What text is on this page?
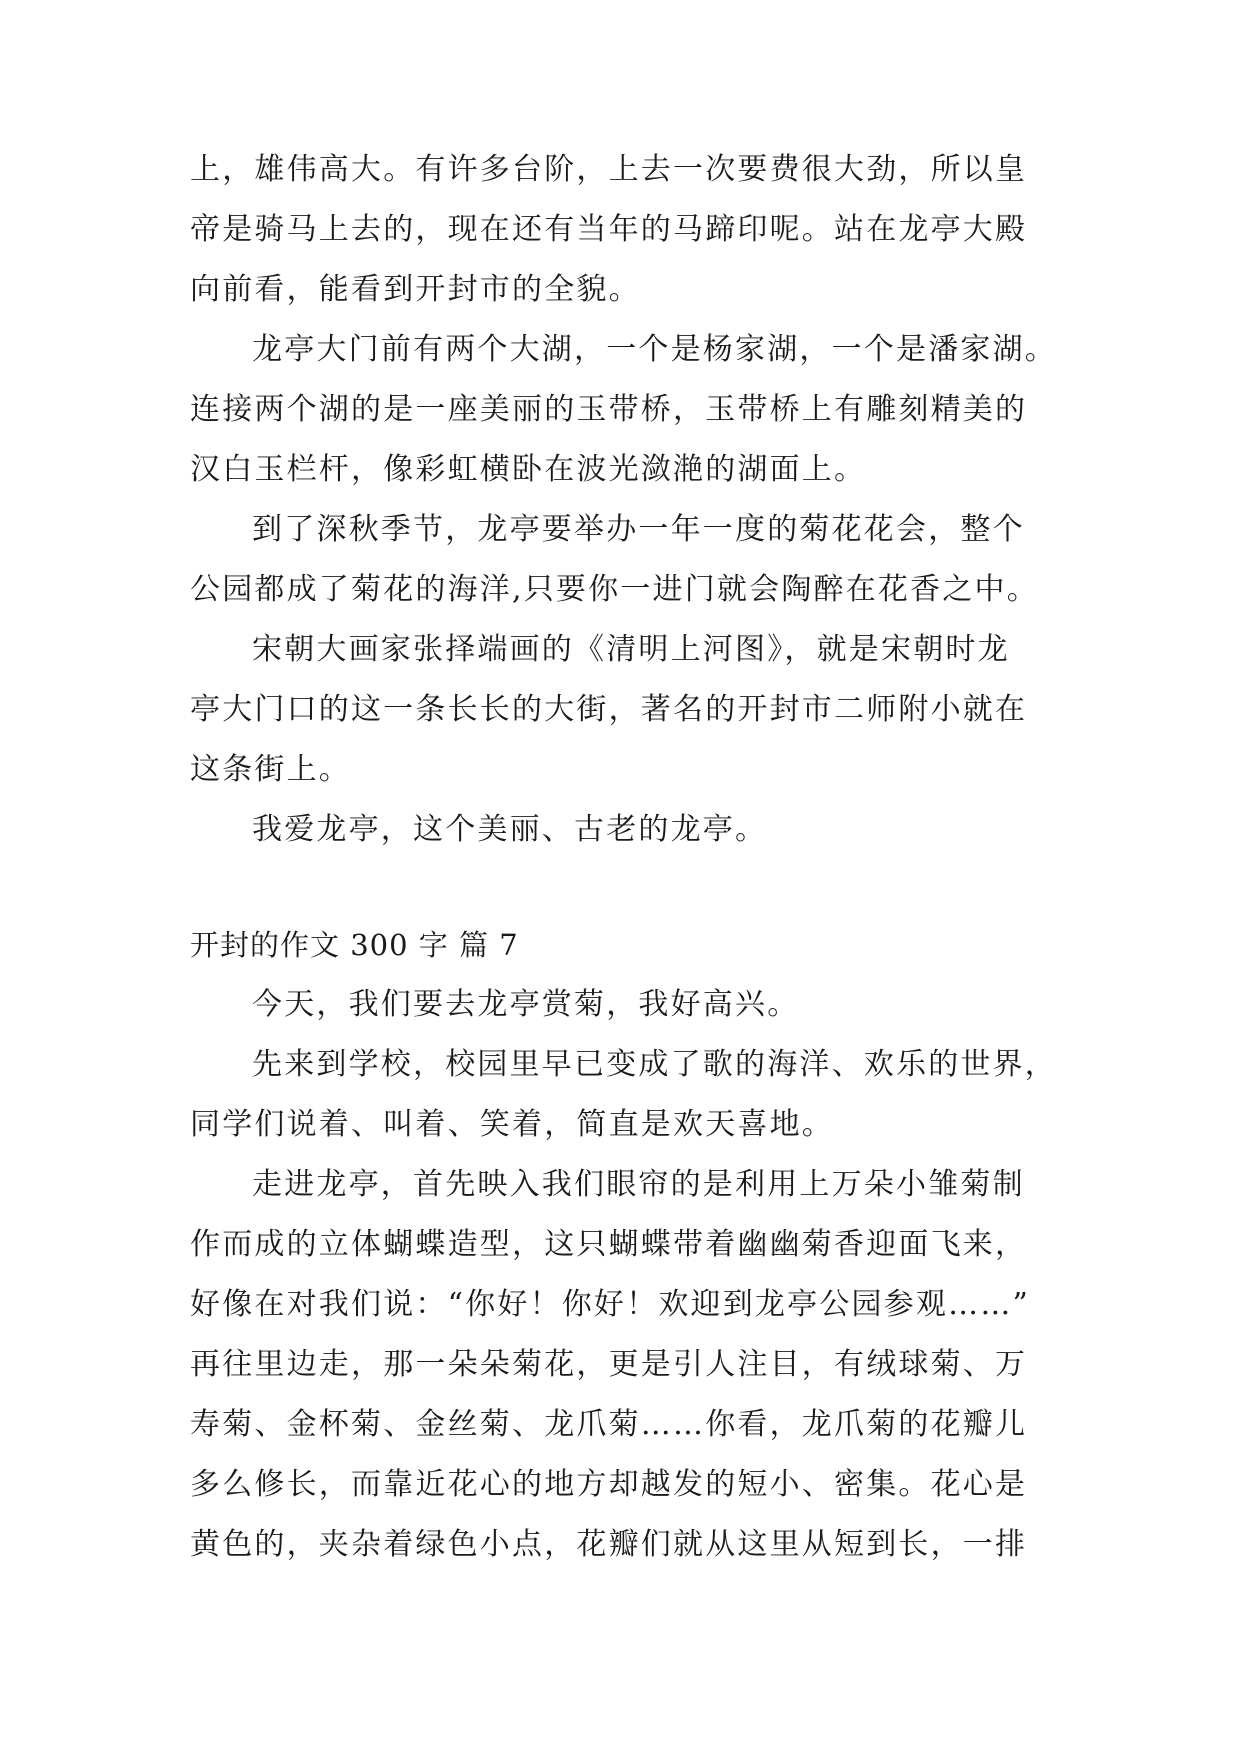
上，雄伟高大。有许多台阶，上去一次要费很大劲，所以皇
帝是骑马上去的，现在还有当年的马蹄印呢。站在龙亭大殿
向前看，能看到开封市的全貌。
龙亭大门前有两个大湖，一个是杨家湖，一个是潘家湖。
连接两个湖的是一座美丽的玉带桥，玉带桥上有雕刻精美的
汉白玉栏杆，像彩虹横卧在波光潋滟的湖面上。
到了深秋季节，龙亭要举办一年一度的菊花花会，整个
公园都成了菊花的海洋,只要你一进门就会陶醉在花香之中。
宋朝大画家张择端画的《清明上河图》，就是宋朝时龙
亭大门口的这一条长长的大街，著名的开封市二师附小就在
这条街上。
我爱龙亭，这个美丽、古老的龙亭。
开封的作文 300 字 篇 7
今天，我们要去龙亭赏菊，我好高兴。
先来到学校，校园里早已变成了歌的海洋、欢乐的世界，
同学们说着、叫着、笑着，简直是欢天喜地。
走进龙亭，首先映入我们眼帘的是利用上万朵小雏菊制
作而成的立体蝴蝶造型，这只蝴蝶带着幽幽菊香迎面飞来，
好像在对我们说：“你好！你好！欢迎到龙亭公园参观……”
再往里边走，那一朵朵菊花，更是引人注目，有绒球菊、万
寿菊、金杯菊、金丝菊、龙爪菊……你看，龙爪菊的花瓣儿
多么修长，而靠近花心的地方却越发的短小、密集。花心是
黄色的，夹杂着绿色小点，花瓣们就从这里从短到长，一排
